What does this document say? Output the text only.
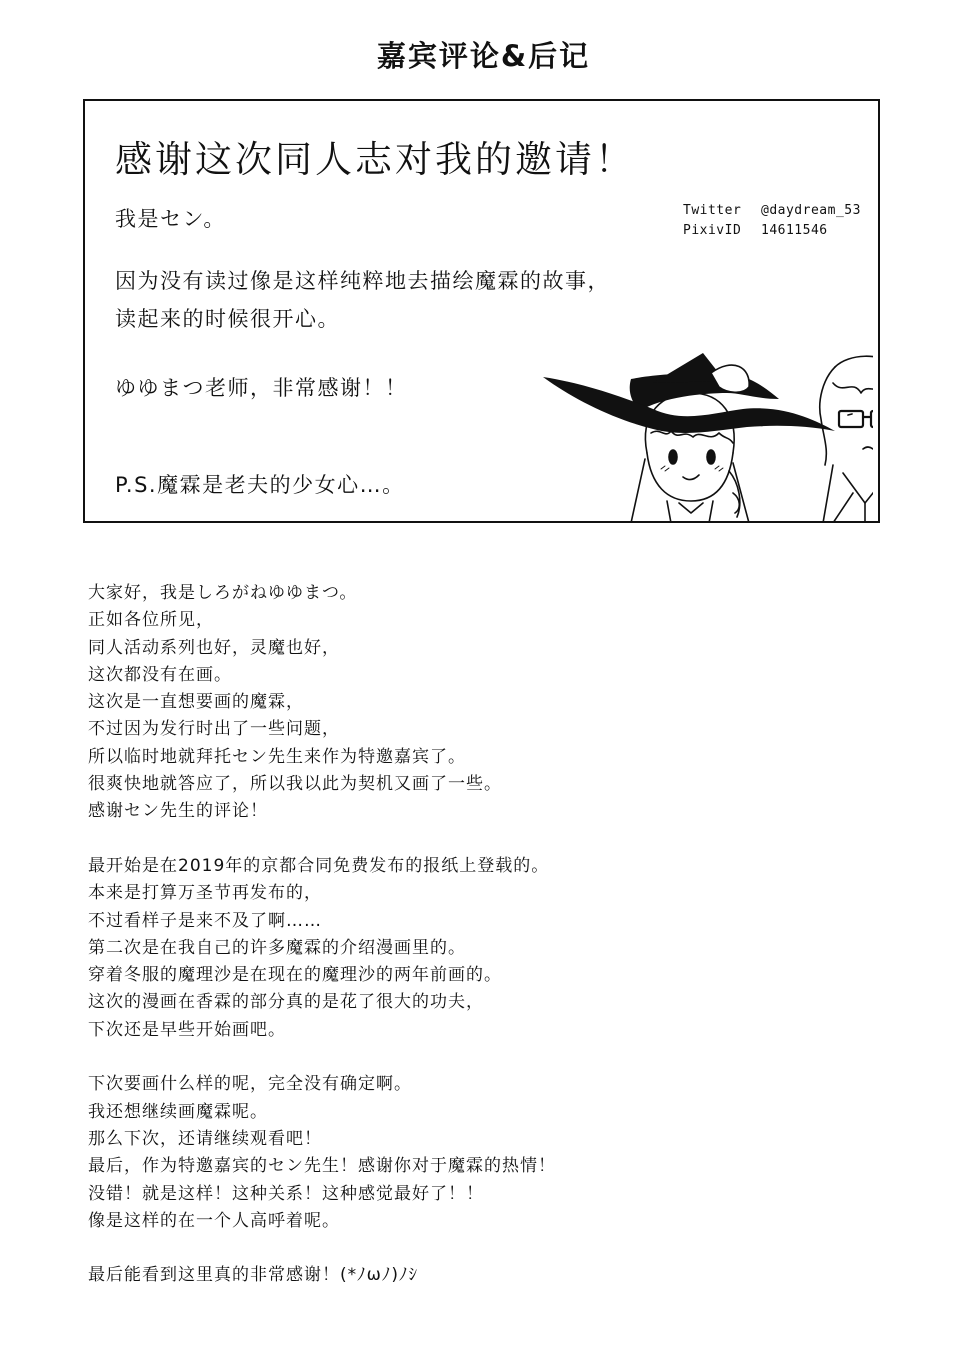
嘉宾评论&后记
感谢这次同人志对我的邀请！
我是セン。
因为没有读过像是这样纯粹地去描绘魔霖的故事，
读起来的时候很开心。
ゆゆまつ老师，非常感谢！！
P.S.魔霖是老夫的少女心…。
Twitter @daydream_53
PixivID 14611546
大家好，我是しろがねゆゆまつ。
正如各位所见，
同人活动系列也好，灵魔也好，
这次都没有在画。
这次是一直想要画的魔霖，
不过因为发行时出了一些问题，
所以临时地就拜托セン先生来作为特邀嘉宾了。
很爽快地就答应了，所以我以此为契机又画了一些。
感谢セン先生的评论！
最开始是在2019年的京都合同免费发布的报纸上登载的。
本来是打算万圣节再发布的，
不过看样子是来不及了啊……
第二次是在我自己的许多魔霖的介绍漫画里的。
穿着冬服的魔理沙是在现在的魔理沙的两年前画的。
这次的漫画在香霖的部分真的是花了很大的功夫，
下次还是早些开始画吧。
下次要画什么样的呢，完全没有确定啊。
我还想继续画魔霖呢。
那么下次，还请继续观看吧！
最后，作为特邀嘉宾的セン先生！感谢你对于魔霖的热情！
没错！就是这样！这种关系！这种感觉最好了！！
像是这样的在一个人高呼着呢。
最后能看到这里真的非常感谢！(*ﾉωﾉ)ﾉｼ
